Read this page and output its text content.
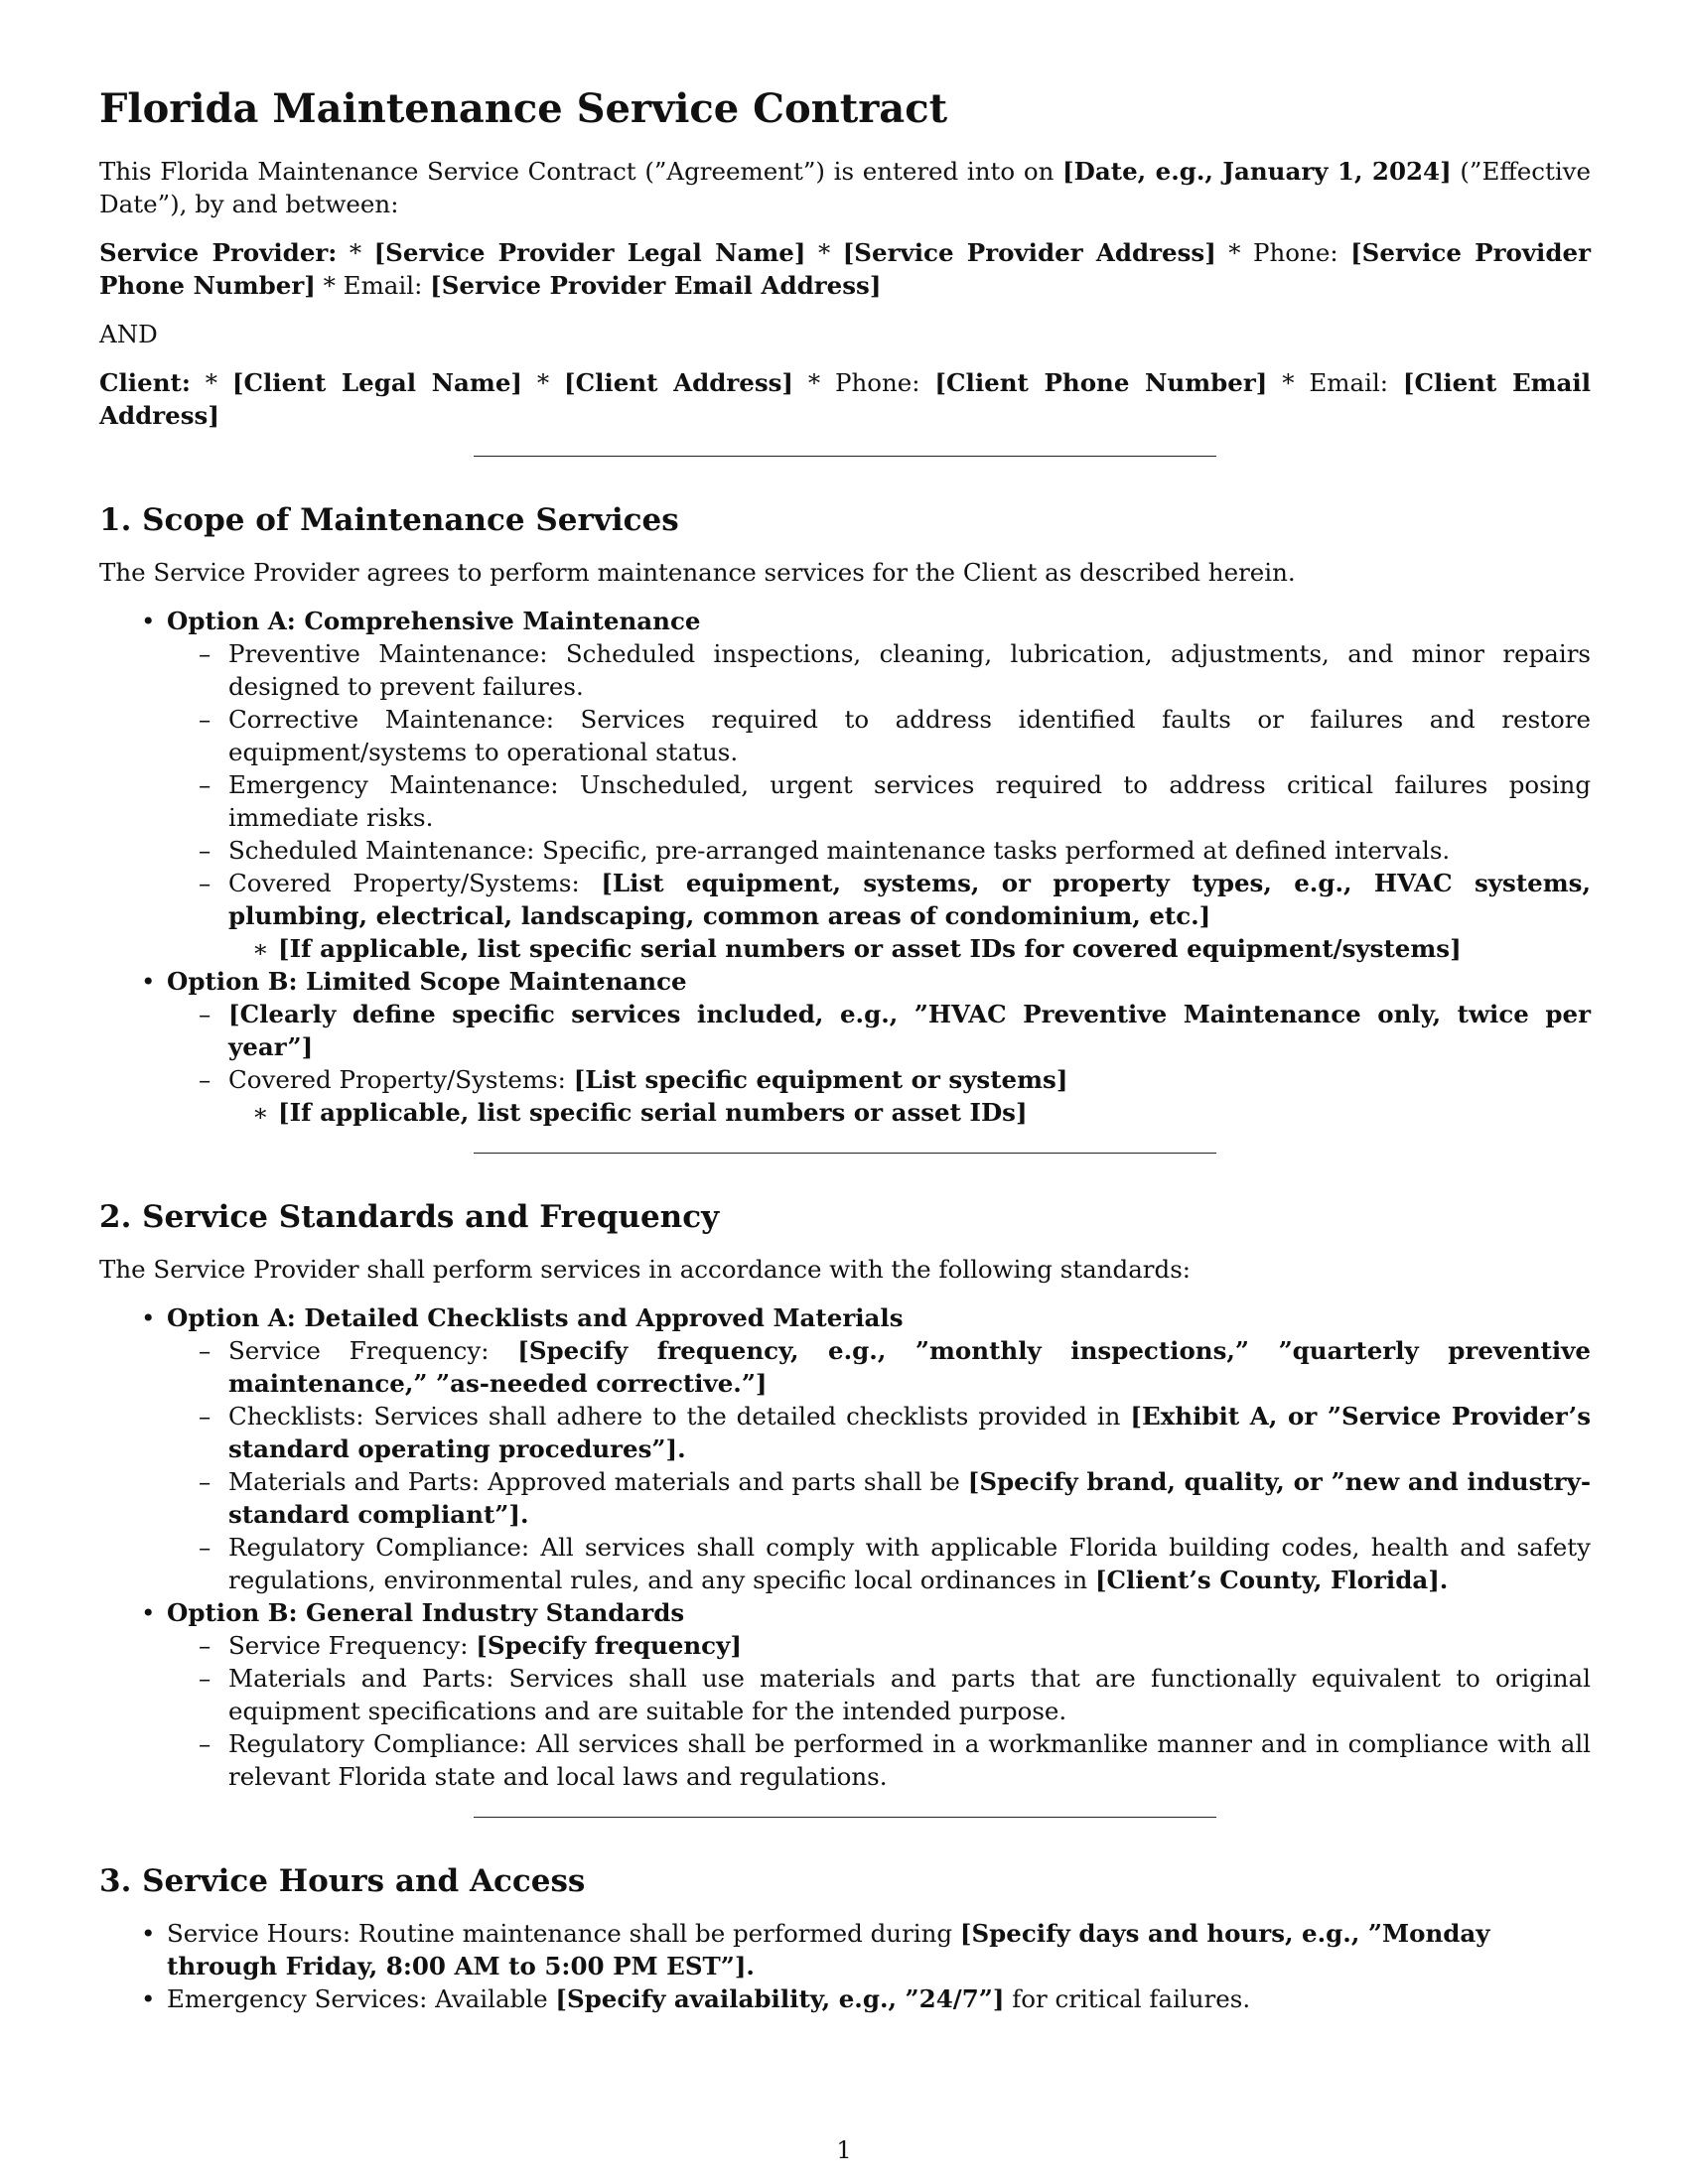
Florida Maintenance Service Contract

This Florida Maintenance Service Contract (”Agreement”) is entered into on [Date, e.g., January 1, 2024] (”Effective Date”), by and between:

Service Provider: * [Service Provider Legal Name] * [Service Provider Address] * Phone: [Service Provider Phone Number] * Email: [Service Provider Email Address]

AND

Client: * [Client Legal Name] * [Client Address] * Phone: [Client Phone Number] * Email: [Client Email Address]

1. Scope of Maintenance Services

The Service Provider agrees to perform maintenance services for the Client as described herein.

• Option A: Comprehensive Maintenance
– Preventive Maintenance: Scheduled inspections, cleaning, lubrication, adjustments, and minor repairs designed to prevent failures.
– Corrective Maintenance: Services required to address identified faults or failures and restore equipment/systems to operational status.
– Emergency Maintenance: Unscheduled, urgent services required to address critical failures posing immediate risks.
– Scheduled Maintenance: Specific, pre-arranged maintenance tasks performed at defined intervals.
– Covered Property/Systems: [List equipment, systems, or property types, e.g., HVAC systems, plumbing, electrical, landscaping, common areas of condominium, etc.]
∗ [If applicable, list specific serial numbers or asset IDs for covered equipment/systems]
• Option B: Limited Scope Maintenance
– [Clearly define specific services included, e.g., ”HVAC Preventive Maintenance only, twice per year”]
– Covered Property/Systems: [List specific equipment or systems]
∗ [If applicable, list specific serial numbers or asset IDs]
2. Service Standards and Frequency

The Service Provider shall perform services in accordance with the following standards:

• Option A: Detailed Checklists and Approved Materials
– Service Frequency: [Specify frequency, e.g., ”monthly inspections,” ”quarterly preventive maintenance,” ”as-needed corrective.”]
– Checklists: Services shall adhere to the detailed checklists provided in [Exhibit A, or ”Service Provider’s standard operating procedures”].
– Materials and Parts: Approved materials and parts shall be [Specify brand, quality, or ”new and industry-standard compliant”].
– Regulatory Compliance: All services shall comply with applicable Florida building codes, health and safety regulations, environmental rules, and any specific local ordinances in [Client’s County, Florida].
• Option B: General Industry Standards
– Service Frequency: [Specify frequency]
– Materials and Parts: Services shall use materials and parts that are functionally equivalent to original equipment specifications and are suitable for the intended purpose.
– Regulatory Compliance: All services shall be performed in a workmanlike manner and in compliance with all relevant Florida state and local laws and regulations.
3. Service Hours and Access
• Service Hours: Routine maintenance shall be performed during [Specify days and hours, e.g., ”Monday through Friday, 8:00 AM to 5:00 PM EST”].
• Emergency Services: Available [Specify availability, e.g., ”24/7”] for critical failures.
1
